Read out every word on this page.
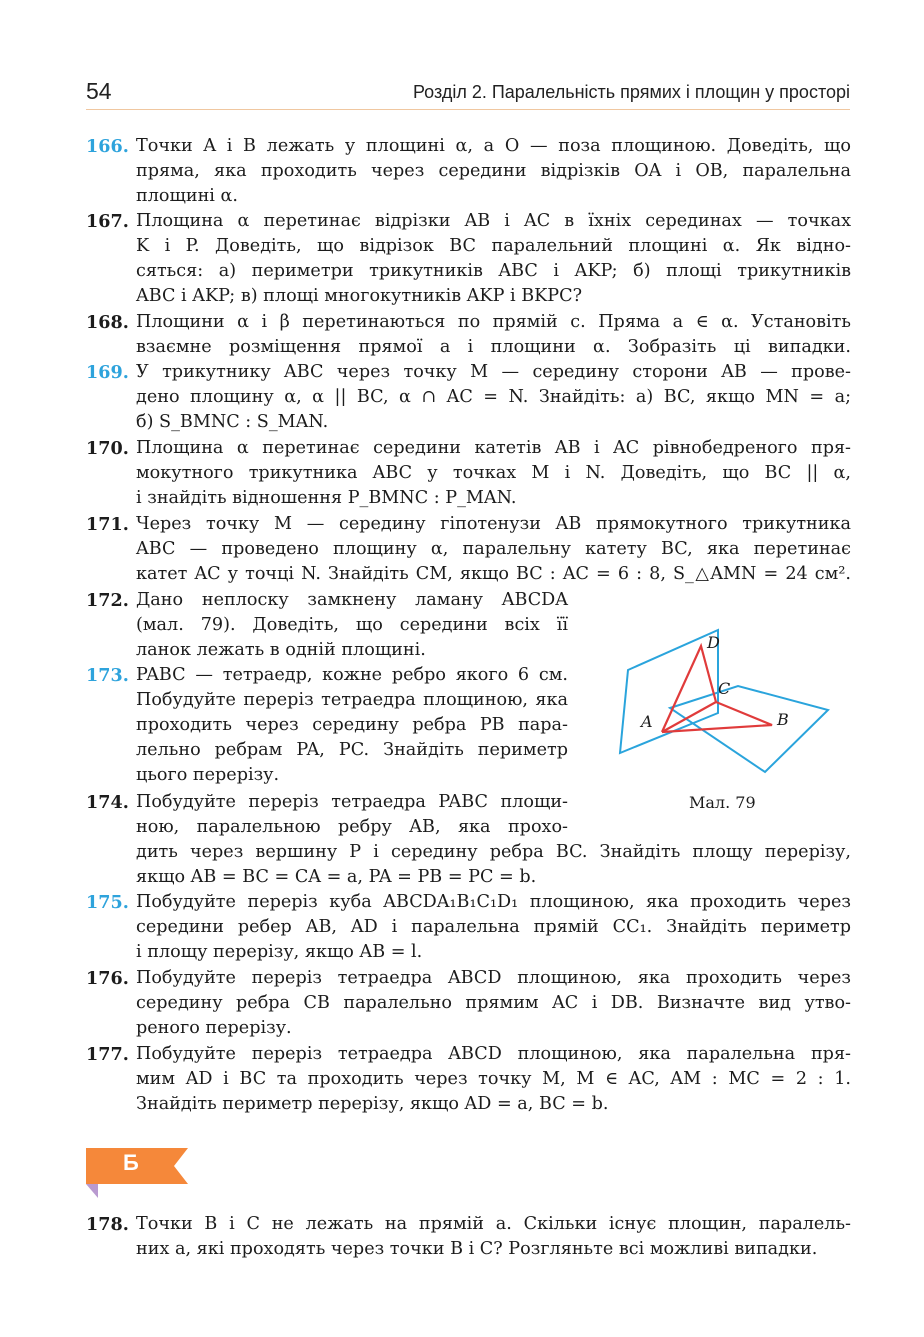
54	Розділ 2. Паралельність прямих і площин у просторі
166. Точки A і B лежать у площині α, а O — поза площиною. Доведіть, що
пряма, яка проходить через середини відрізків OA і OB, паралельна
площині α.
167. Площина α перетинає відрізки AB і AC в їхніх серединах — точках
K і P. Доведіть, що відрізок BC паралельний площині α. Як відно-
сяться: а) периметри трикутників ABC і AKP; б) площі трикутників
ABC і AKP; в) площі многокутників AKP і BKPC?
168. Площини α і β перетинаються по прямій c. Пряма a ∈ α. Установіть
взаємне розміщення прямої a і площини α. Зобразіть ці випадки.
169. У трикутнику ABC через точку M — середину сторони AB — прове-
дено площину α, α || BC, α ∩ AC = N. Знайдіть: а) BC, якщо MN = a;
б) S_BMNC : S_MAN.
170. Площина α перетинає середини катетів AB і AC рівнобедреного пря-
мокутного трикутника ABC у точках M і N. Доведіть, що BC || α,
і знайдіть відношення P_BMNC : P_MAN.
171. Через точку M — середину гіпотенузи AB прямокутного трикутника
ABC — проведено площину α, паралельну катету BC, яка перетинає
катет AC у точці N. Знайдіть CM, якщо BC : AC = 6 : 8, S_△AMN = 24 см².
172. Дано неплоску замкнену ламану ABCDA
(мал. 79). Доведіть, що середини всіх її
ланок лежать в одній площині.
173. PABC — тетраедр, кожне ребро якого 6 см.
Побудуйте переріз тетраедра площиною, яка
проходить через середину ребра PB пара-
лельно ребрам PA, PC. Знайдіть периметр
цього перерізу.
174. Побудуйте переріз тетраедра PABC площи-
ною, паралельною ребру AB, яка прохо-
дить через вершину P і середину ребра BC. Знайдіть площу перерізу,
якщо AB = BC = CA = a, PA = PB = PC = b.
175. Побудуйте переріз куба ABCDA₁B₁C₁D₁ площиною, яка проходить через
середини ребер AB, AD і паралельна прямій CC₁. Знайдіть периметр
і площу перерізу, якщо AB = l.
176. Побудуйте переріз тетраедра ABCD площиною, яка проходить через
середину ребра CB паралельно прямим AC і DB. Визначте вид утво-
реного перерізу.
177. Побудуйте переріз тетраедра ABCD площиною, яка паралельна пря-
мим AD і BC та проходить через точку M, M ∈ AC, AM : MC = 2 : 1.
Знайдіть периметр перерізу, якщо AD = a, BC = b.
Б
178. Точки B і C не лежать на прямій a. Скільки існує площин, паралель-
них a, які проходять через точки B і C? Розгляньте всі можливі випадки.
D
C
A	B
Мал. 79
